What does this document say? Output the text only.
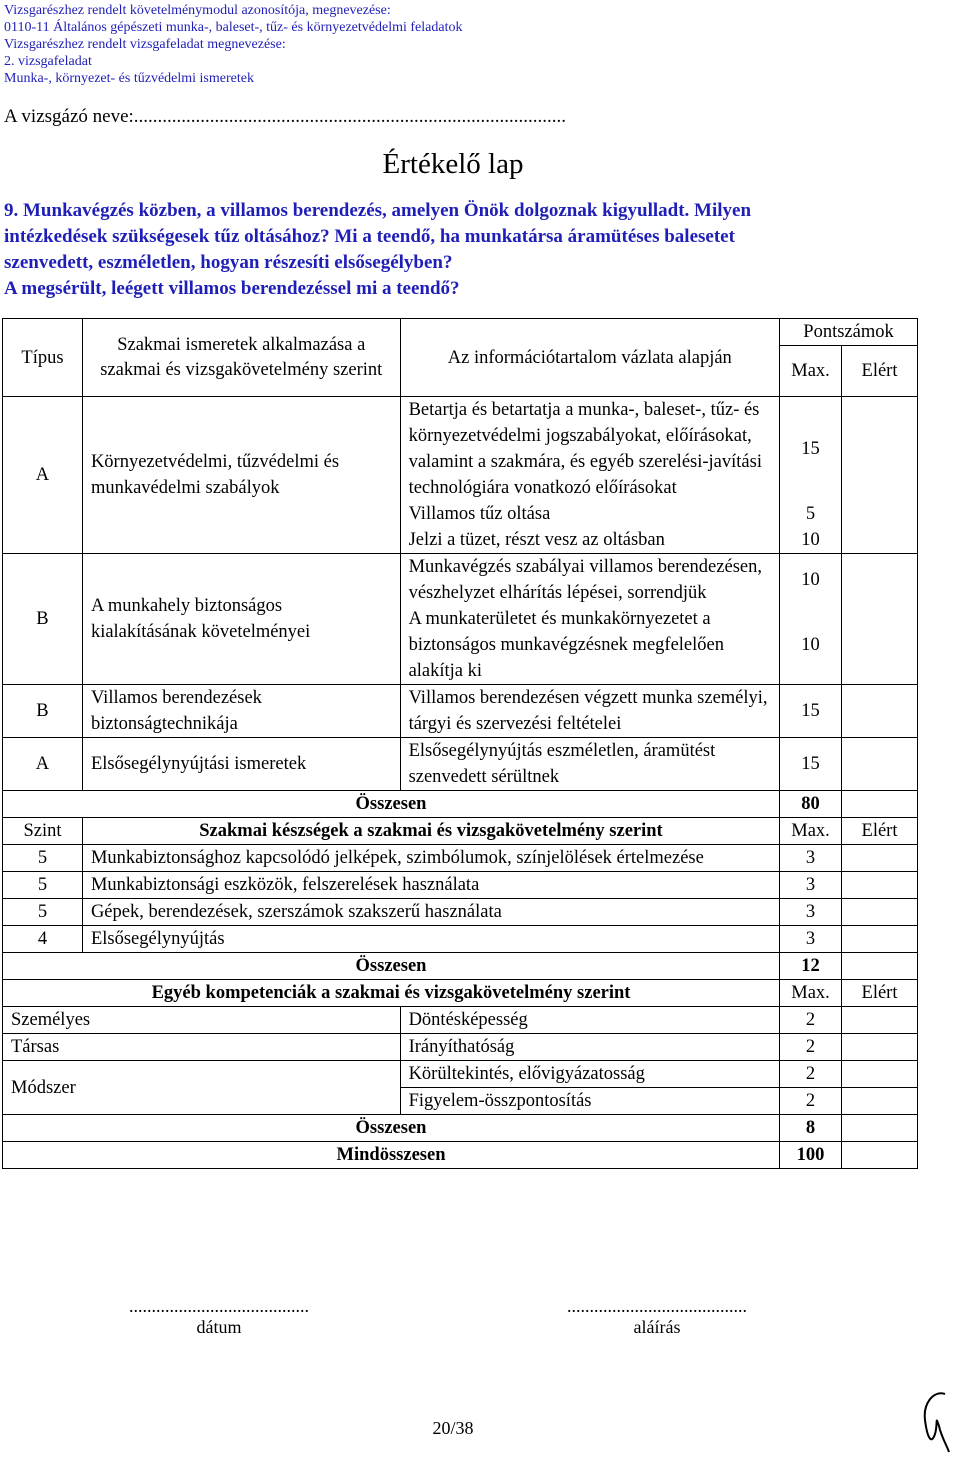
Vizsgarészhez rendelt követelménymodul azonosítója, megnevezése:
0110-11 Általános gépészeti munka-, baleset-, tűz- és környezetvédelmi feladatok
Vizsgarészhez rendelt vizsgafeladat megnevezése:
2. vizsgafeladat
Munka-, környezet- és tűzvédelmi ismeretek
A vizsgázó neve:...........................................................................................
Értékelő lap
9. Munkavégzés közben, a villamos berendezés, amelyen Önök dolgoznak kigyulladt. Milyen
intézkedések szükségesek tűz oltásához? Mi a teendő, ha munkatársa áramütéses balesetet
szenvedett, eszméletlen, hogyan részesíti elsősegélyben?
A megsérült, leégett villamos berendezéssel mi a teendő?
Típus	Szakmai ismeretek alkalmazása a szakmai és vizsgakövetelmény szerint	Az információtartalom vázlata alapján	Pontszámok	
			Max.	Elért
A	Környezetvédelmi, tűzvédelmi és munkavédelmi szabályok	Betartja és betartatja a munka-, baleset-, tűz- és környezetvédelmi jogszabályokat, előírásokat, valamint a szakmára, és egyéb szerelési-javítási technológiára vonatkozó előírásokat	15	
		Villamos tűz oltása	5	
		Jelzi a tüzet, részt vesz az oltásban	10	
B	A munkahely biztonságos kialakításának követelményei	Munkavégzés szabályai villamos berendezésen, vészhelyzet elhárítás lépései, sorrendjük	10	
		A munkaterületet és munkakörnyezetet a biztonságos munkavégzésnek megfelelően alakítja ki	10	
B	Villamos berendezések biztonságtechnikája	Villamos berendezésen végzett munka személyi, tárgyi és szervezési feltételei	15	
A	Elsősegélynyújtási ismeretek	Elsősegélynyújtás eszméletlen, áramütést szenvedett sérültnek	15	
Összesen			80	
Szint	Szakmai készségek a szakmai és vizsgakövetelmény szerint		Max.	Elért
5	Munkabiztonsághoz kapcsolódó jelképek, szimbólumok, színjelölések értelmezése		3	
5	Munkabiztonsági eszközök, felszerelések használata		3	
5	Gépek, berendezések, szerszámok szakszerű használata		3	
4	Elsősegélynyújtás		3	
Összesen			12	
Egyéb kompetenciák a szakmai és vizsgakövetelmény szerint			Max.	Elért
Személyes		Döntésképesség	2	
Társas		Irányíthatóság	2	
Módszer		Körültekintés, elővigyázatosság	2	
		Figyelem-összpontosítás	2	
Összesen			8	
Mindösszesen			100	
........................................
dátum
........................................
aláírás
20/38
